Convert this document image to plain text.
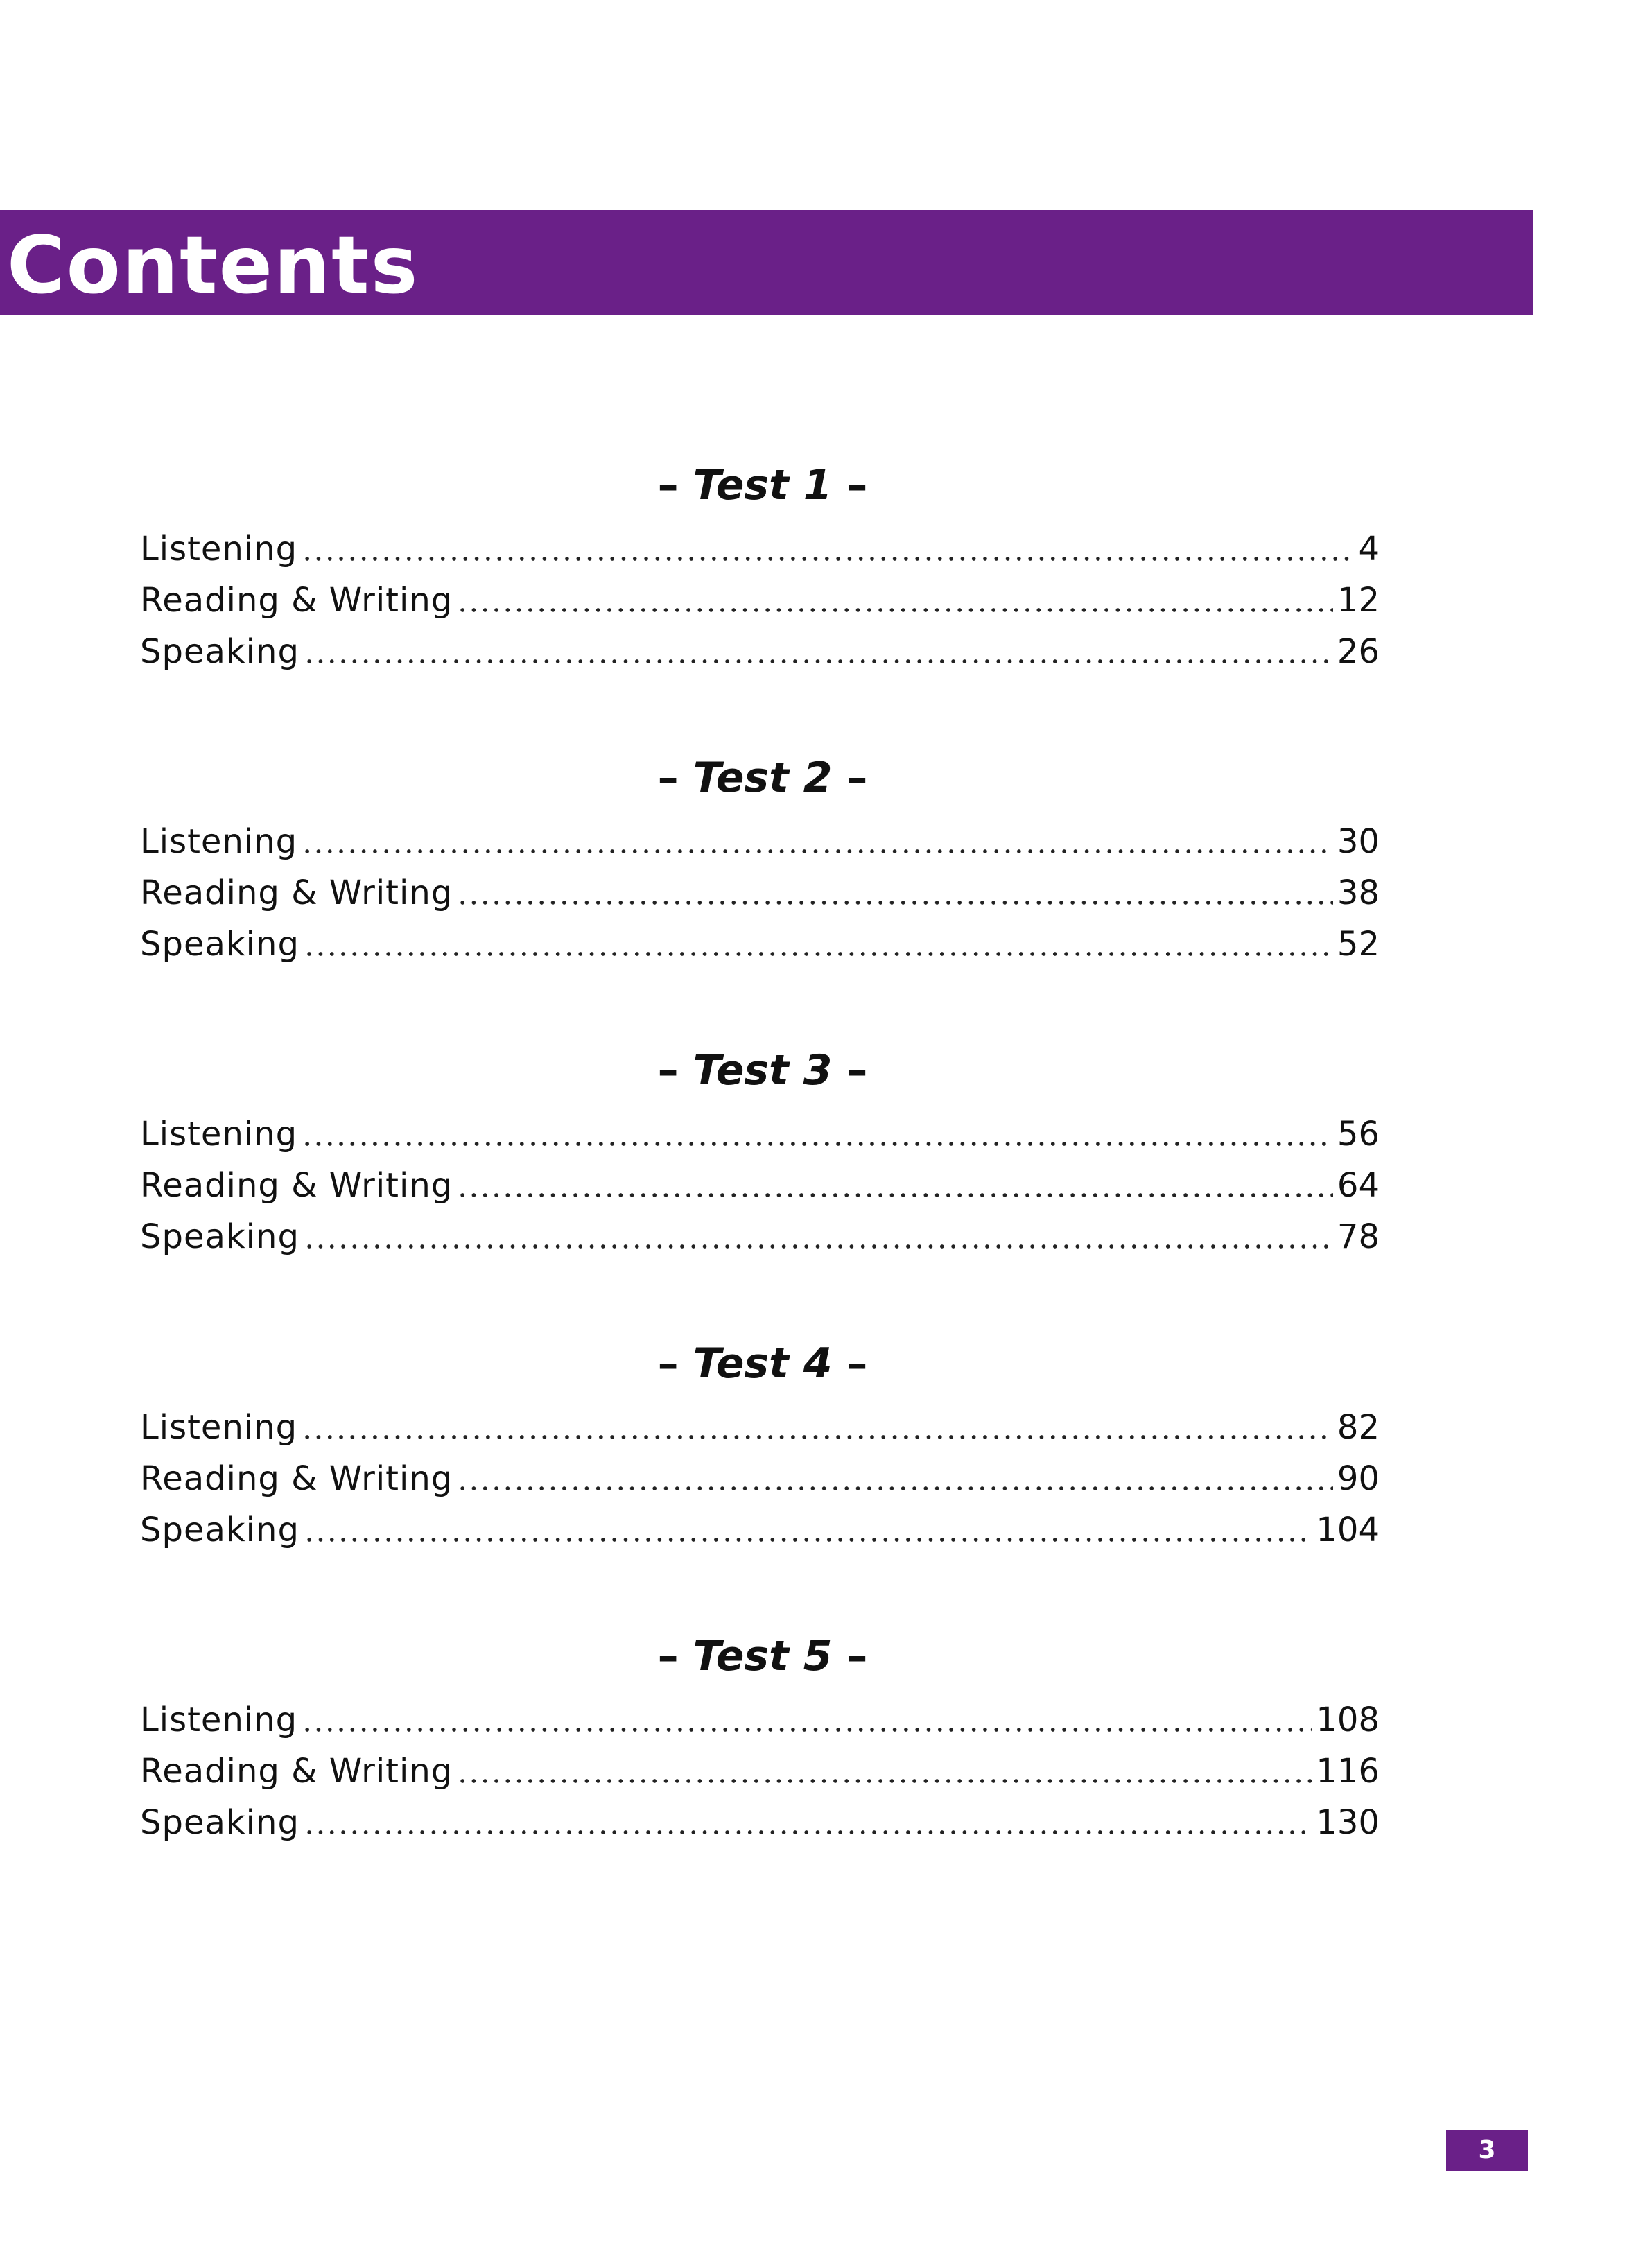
Contents
– Test 1 –
Listening	4
Reading & Writing	12
Speaking	26
– Test 2 –
Listening	30
Reading & Writing	38
Speaking	52
– Test 3 –
Listening	56
Reading & Writing	64
Speaking	78
– Test 4 –
Listening	82
Reading & Writing	90
Speaking	104
– Test 5 –
Listening	108
Reading & Writing	116
Speaking	130
3
